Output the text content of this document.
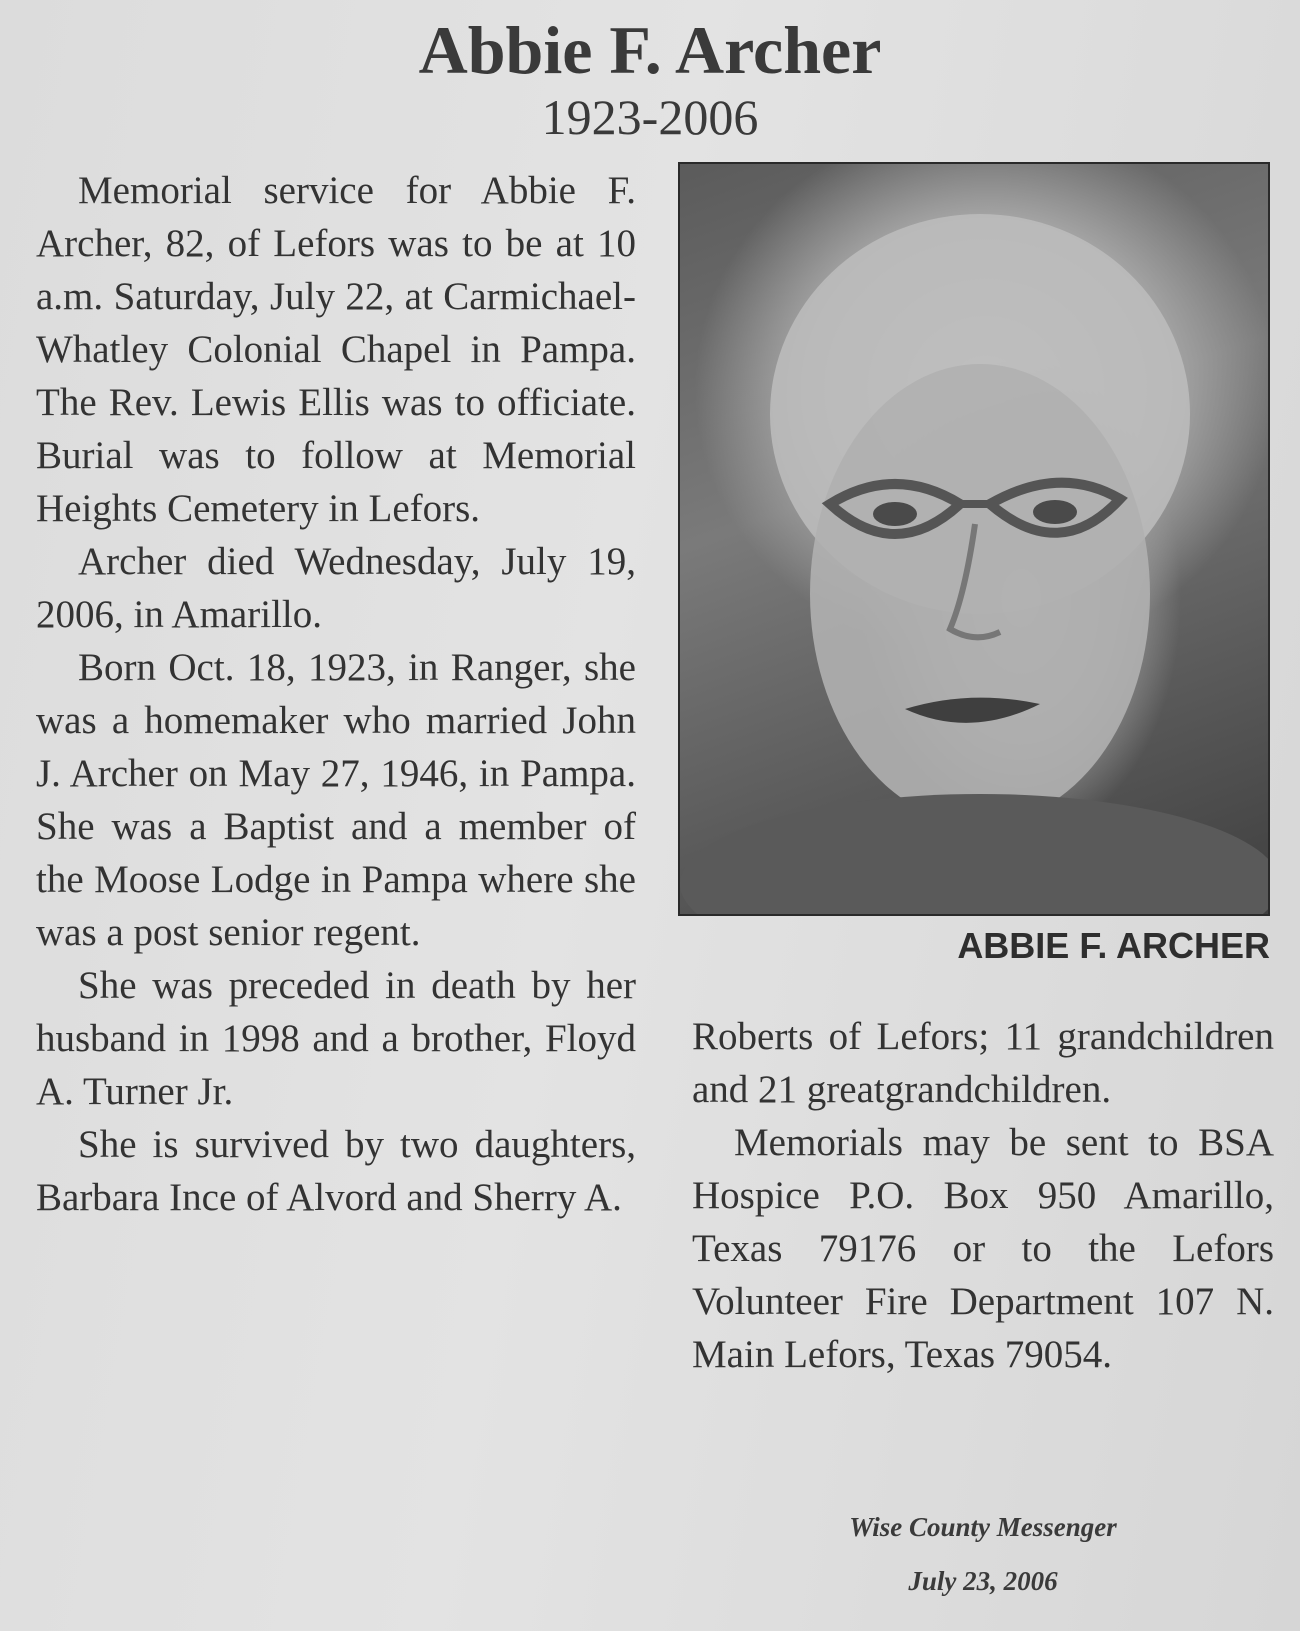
Abbie F. Archer
1923-2006

Memorial service for Abbie F. Archer, 82, of Lefors was to be at 10 a.m. Saturday, July 22, at Carmichael-Whatley Colonial Chapel in Pampa. The Rev. Lewis Ellis was to officiate. Burial was to follow at Memorial Heights Cemetery in Lefors.

Archer died Wednesday, July 19, 2006, in Amarillo.

Born Oct. 18, 1923, in Ranger, she was a homemaker who married John J. Archer on May 27, 1946, in Pampa. She was a Baptist and a member of the Moose Lodge in Pampa where she was a post senior regent.

She was preceded in death by her husband in 1998 and a brother, Floyd A. Turner Jr.

She is survived by two daughters, Barbara Ince of Alvord and Sherry A.

ABBIE F. ARCHER

Roberts of Lefors; 11 grandchildren and 21 greatgrandchildren.

Memorials may be sent to BSA Hospice P.O. Box 950 Amarillo, Texas 79176 or to the Lefors Volunteer Fire Department 107 N. Main Lefors, Texas 79054.

Wise County Messenger
July 23, 2006
